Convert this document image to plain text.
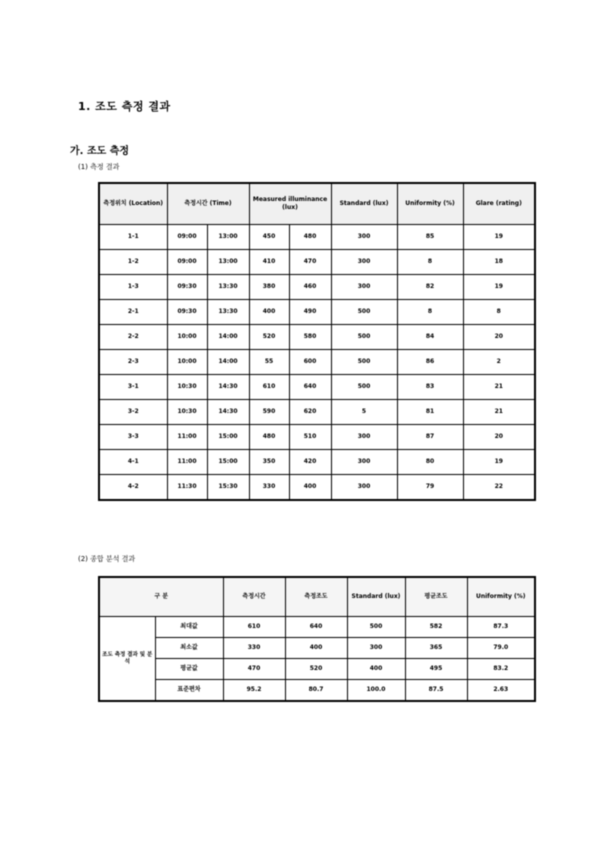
1. 조도 측정 결과
가. 조도 측정
(1) 측정 결과
측정위치 (Location)	측정시간 (Time)		Measured illuminance (lux)		Standard (lux)	Uniformity (%)	Glare (rating)
1-1	09:00	13:00	450	480	300	85	19
1-2	09:00	13:00	410	470	300	8	18
1-3	09:30	13:30	380	460	300	82	19
2-1	09:30	13:30	400	490	500	8	8
2-2	10:00	14:00	520	580	500	84	20
2-3	10:00	14:00	55	600	500	86	2
3-1	10:30	14:30	610	640	500	83	21
3-2	10:30	14:30	590	620	5	81	21
3-3	11:00	15:00	480	510	300	87	20
4-1	11:00	15:00	350	420	300	80	19
4-2	11:30	15:30	330	400	300	79	22
(2) 종합 분석 결과
구 분		측정시간	측정조도	Standard (lux)	평균조도	Uniformity (%)
조도 측정 결과 및 분석	최대값	610	640	500	582	87.3
	최소값	330	400	300	365	79.0
	평균값	470	520	400	495	83.2
	표준편차	95.2	80.7	100.0	87.5	2.63
